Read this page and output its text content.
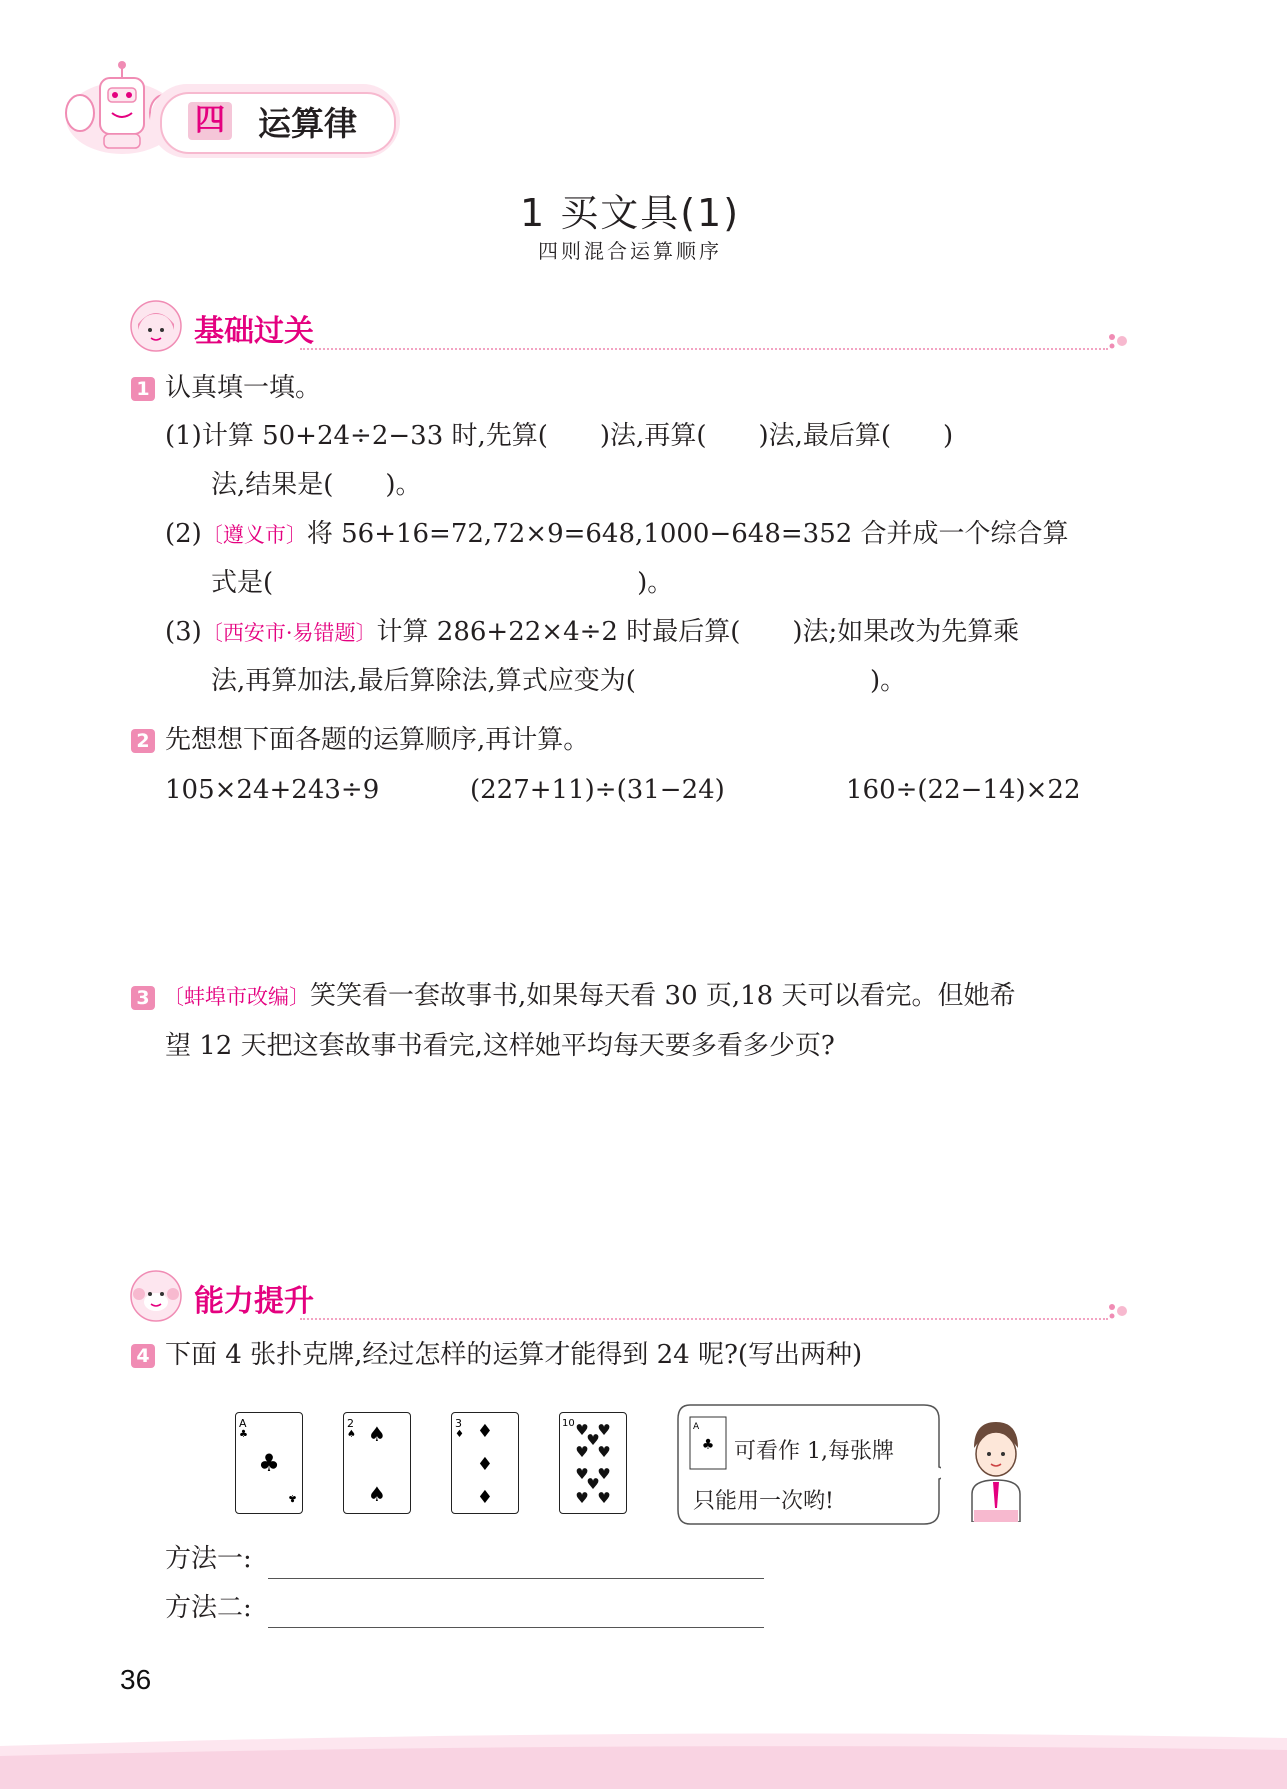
四 运算律
1 买文具(1)
四则混合运算顺序
基础过关
1 认真填一填。
(1)计算 50+24÷2−33 时,先算(　　)法,再算(　　)法,最后算(　　)
法,结果是(　　)。
(2)〔遵义市〕将 56+16=72,72×9=648,1000−648=352 合并成一个综合算
式是(　　　　　　　　　　　　　　)。
(3)〔西安市·易错题〕计算 286+22×4÷2 时最后算(　　)法;如果改为先算乘
法,再算加法,最后算除法,算式应变为(　　　　　　　　　)。
2 先想想下面各题的运算顺序,再计算。
105×24+243÷9	(227+11)÷(31−24)	160÷(22−14)×22
3 〔蚌埠市改编〕笑笑看一套故事书,如果每天看 30 页,18 天可以看完。但她希
望 12 天把这套故事书看完,这样她平均每天要多看多少页?
能力提升
4 下面 4 张扑克牌,经过怎样的运算才能得到 24 呢?(写出两种)
A
♣
♣
♣
2
♠ ♠
♠
3
♦ ♦
♦
♦
10 ♥ ♥
♥
♥ ♥
♥ ♥
♥
♥ ♥
A
♣ 可看作 1,每张牌
只能用一次哟!
方法一:
方法二:
36
